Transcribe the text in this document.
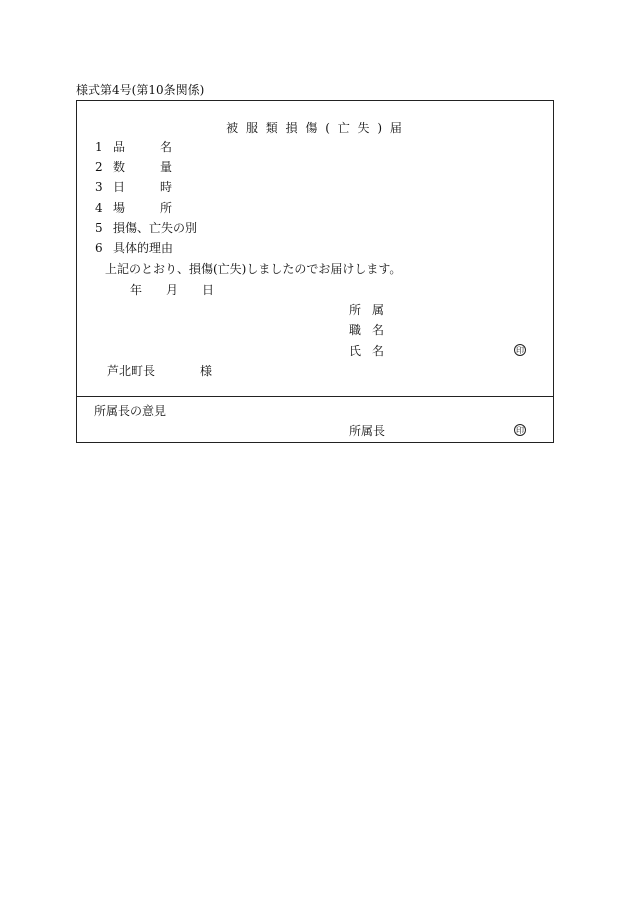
様式第4号(第10条関係)
被 服 類 損 傷 ( 亡 失 ) 届
1 品	名
2 数	量
3 日	時
4 場	所
5 損傷、亡失の別
6 具体的理由
上記のとおり、損傷(亡失)しましたのでお届けします。
年 月 日
所 属
職 名
氏 名	印
芦北町長	様
所属長の意見
所属長	印
